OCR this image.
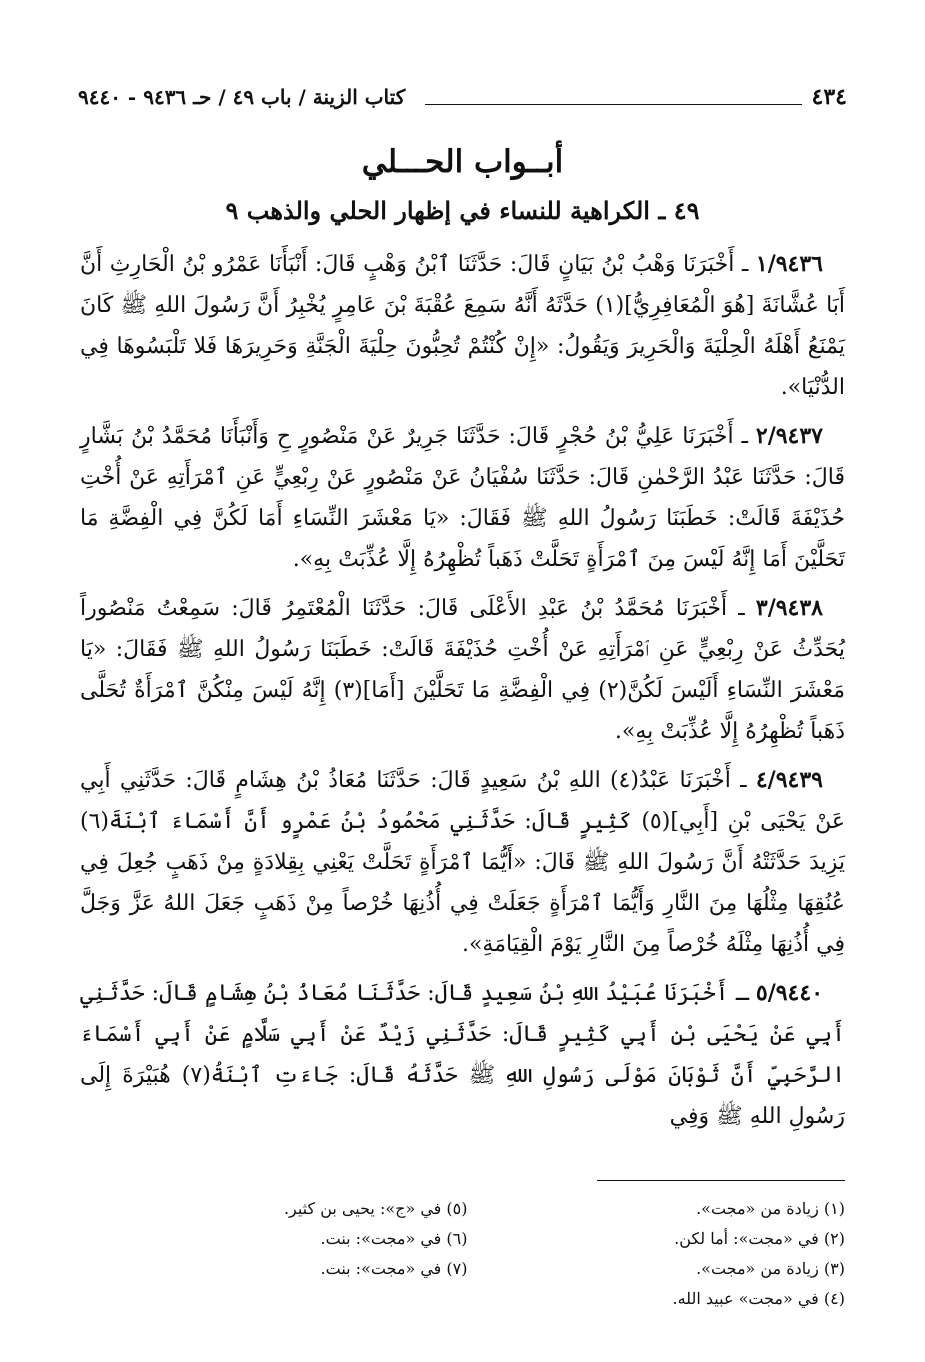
٤٣٤
كتاب الزينة / باب ٤٩ / حـ ٩٤٣٦ - ٩٤٤٠
أبــواب الحـــلي
٤٩ ـ الكراهية للنساء في إظهار الحلي والذهب ٩

١/٩٤٣٦ ـ أَخْبَرَنَا وَهْبُ بْنُ بَيَانٍ قَالَ: حَدَّثَنَا ٱبْنُ وَهْبٍ قَالَ: أَنْبَأَنَا عَمْرُو بْنُ الْحَارِثِ أَنَّ أَبَا عُشَّانَةَ [هُوَ الْمُعَافِرِيُّ](١) حَدَّثَهُ أَنَّهُ سَمِعَ عُقْبَةَ بْنَ عَامِرٍ يُخْبِرُ أَنَّ رَسُولَ اللهِ ﷺ كَانَ يَمْنَعُ أَهْلَهُ الْحِلْيَةَ وَالْحَرِيرَ وَيَقُولُ: «إِنْ كُنْتُمْ تُحِبُّونَ حِلْيَةَ الْجَنَّةِ وَحَرِيرَهَا فَلا تَلْبَسُوهَا فِي الدُّنْيَا».

٢/٩٤٣٧ ـ أَخْبَرَنَا عَلِيُّ بْنُ حُجْرٍ قَالَ: حَدَّثَنَا جَرِيرٌ عَنْ مَنْصُورٍ حِ وَأَنْبَأَنَا مُحَمَّدُ بْنُ بَشَّارٍ قَالَ: حَدَّثَنَا عَبْدُ الرَّحْمٰنِ قَالَ: حَدَّثَنَا سُفْيَانُ عَنْ مَنْصُورٍ عَنْ رِبْعِيٍّ عَنِ ٱمْرَأَتِهِ عَنْ أُخْتِ حُذَيْفَةَ قَالَتْ: خَطَبَنَا رَسُولُ اللهِ ﷺ فَقَالَ: «يَا مَعْشَرَ النِّسَاءِ أَمَا لَكُنَّ فِي الْفِضَّةِ مَا تَحَلَّيْنَ أَمَا إِنَّهُ لَيْسَ مِنَ ٱمْرَأَةٍ تَحَلَّتْ ذَهَباً تُظْهِرُهُ إِلَّا عُذِّبَتْ بِهِ».

٣/٩٤٣٨ ـ أَخْبَرَنَا مُحَمَّدُ بْنُ عَبْدِ الأَعْلَى قَالَ: حَدَّثَنَا الْمُعْتَمِرُ قَالَ: سَمِعْتُ مَنْصُوراً يُحَدِّثُ عَنْ رِبْعِيٍّ عَنِ ٱمْرَأَتِهِ عَنْ أُخْتِ حُذَيْفَةَ قَالَتْ: خَطَبَنَا رَسُولُ اللهِ ﷺ فَقَالَ: «يَا مَعْشَرَ النِّسَاءِ أَلَيْسَ لَكُنَّ(٢) فِي الْفِضَّةِ مَا تَحَلَّيْنَ [أَمَا](٣) إِنَّهُ لَيْسَ مِنْكُنَّ ٱمْرَأَةٌ تُحَلَّى ذَهَباً تُظْهِرُهُ إِلَّا عُذِّبَتْ بِهِ».

٤/٩٤٣٩ ـ أَخْبَرَنَا عَبْدُ(٤) اللهِ بْنُ سَعِيدٍ قَالَ: حَدَّثَنَا مُعَاذُ بْنُ هِشَامٍ قَالَ: حَدَّثَنِي أَبِي عَنْ يَحْيَى بْنِ [أَبِي](٥) كَثِيرٍ قَالَ: حَدَّثَنِي مَحْمُودُ بْنُ عَمْرٍو أَنَّ أَسْمَاءَ ٱبْنَةَ(٦) يَزِيدَ حَدَّثَتْهُ أَنَّ رَسُولَ اللهِ ﷺ قَالَ: «أَيُّمَا ٱمْرَأَةٍ تَحَلَّتْ يَعْنِي بِقِلادَةٍ مِنْ ذَهَبٍ جُعِلَ فِي عُنُقِهَا مِثْلُهَا مِنَ النَّارِ وَأَيُّمَا ٱمْرَأَةٍ جَعَلَتْ فِي أُذُنِهَا خُرْصاً مِنْ ذَهَبٍ جَعَلَ اللهُ عَزَّ وَجَلَّ فِي أُذُنِهَا مِثْلَهُ خُرْصاً مِنَ النَّارِ يَوْمَ الْقِيَامَةِ».

٥/٩٤٤٠ ـ أَخْبَرَنَا عُبَيْدُ اللهِ بْنُ سَعِيدٍ قَالَ: حَدَّثَنَا مُعَاذُ بْنُ هِشَامٍ قَالَ: حَدَّثَنِي أَبِي عَنْ يَحْيَى بْنِ أَبِي كَثِيرٍ قَالَ: حَدَّثَنِي زَيْدٌ عَنْ أَبِي سَلَّامٍ عَنْ أَبِي أَسْمَاءَ الرَّحَبِيِّ أَنَّ ثَوْبَانَ مَوْلَى رَسُولِ اللهِ ﷺ حَدَّثَهُ قَالَ: جَاءَتِ ٱبْنَةُ(٧) هُبَيْرَةَ إِلَى رَسُولِ اللهِ ﷺ وَفِي

(١) زيادة من «مجت».
(٥) في «ج»: يحيى بن كثير.
(٢) في «مجت»: أما لكن.
(٦) في «مجت»: بنت.
(٣) زيادة من «مجت».
(٧) في «مجت»: بنت.
(٤) في «مجت» عبيد الله.
